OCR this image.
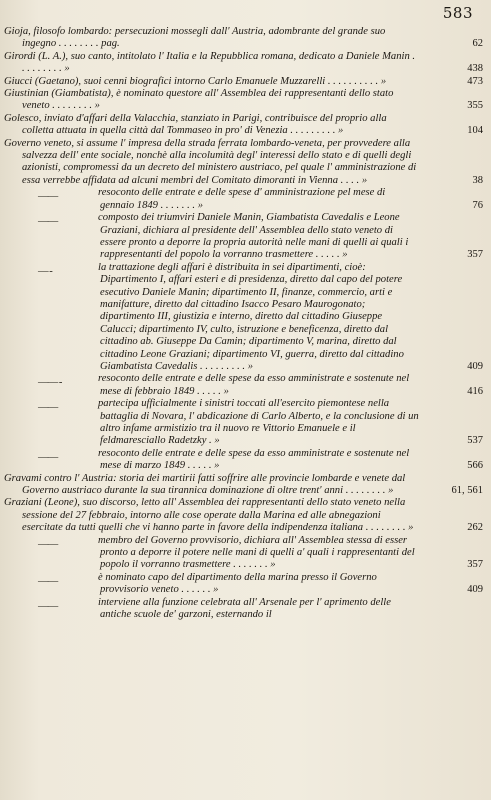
583

Gioja, filosofo lombardo: persecuzioni mossegli dall' Austria, adombrante del grande suo ingegno . . . . . . . . pag.	62

Girordi (L. A.), suo canto, intitolato l' Italia e la Repubblica romana, dedicato a Daniele Manin . . . . . . . . . »	438

Giucci (Gaetano), suoi cenni biografici intorno Carlo Emanuele Muzzarelli . . . . . . . . . . »	473

Giustinian (Giambatista), è nominato questore all' Assemblea dei rappresentanti dello stato veneto . . . . . . . . »	355

Golesco, inviato d'affari della Valacchia, stanziato in Parigi, contribuisce del proprio alla colletta attuata in quella città dal Tommaseo in pro' di Venezia . . . . . . . . . »	104

Governo veneto, si assume l' impresa della strada ferrata lombardo-veneta, per provvedere alla salvezza dell' ente sociale, nonchè alla incolumità degl' interessi dello stato e di quelli degli azionisti, compromessi da un decreto del ministero austriaco, pel quale l' amministrazione di essa verrebbe affidata ad alcuni membri del Comitato dimoranti in Vienna . . . . »	38

——	resoconto delle entrate e delle spese d' amministrazione pel mese di gennaio 1849 . . . . . . . »	76

——	composto dei triumviri Daniele Manin, Giambatista Cavedalis e Leone Graziani, dichiara al presidente dell' Assemblea dello stato veneto di essere pronto a deporre la propria autorità nelle mani di quelli ai quali i rappresentanti del popolo la vorranno trasmettere . . . . . »	357

— -	la trattazione degli affari è distribuita in sei dipartimenti, cioè: Dipartimento I, affari esteri e di presidenza, diretto dal capo del potere esecutivo Daniele Manin; dipartimento II, finanze, commercio, arti e manifatture, diretto dal cittadino Isacco Pesaro Maurogonato; dipartimento III, giustizia e interno, diretto dal cittadino Giuseppe Calucci; dipartimento IV, culto, istruzione e beneficenza, diretto dal cittadino ab. Giuseppe Da Camin; dipartimento V, marina, diretto dal cittadino Leone Graziani; dipartimento VI, guerra, diretto dal cittadino Giambatista Cavedalis . . . . . . . . . »	409

—— -	resoconto delle entrate e delle spese da esso amministrate e sostenute nel mese di febbraio 1849 . . . . . »	416

——	partecipa ufficialmente i sinistri toccati all'esercito piemontese nella battaglia di Novara, l' abdicazione di Carlo Alberto, e la conclusione di un altro infame armistizio tra il nuovo re Vittorio Emanuele e il feldmaresciallo Radetzky . »	537

——	resoconto delle entrate e delle spese da esso amministrate e sostenute nel mese di marzo 1849 . . . . . »	566

Gravami contro l' Austria: storia dei martirii fatti soffrire alle provincie lombarde e venete dal Governo austriaco durante la sua tirannica dominazione di oltre trent' anni . . . . . . . . »	61, 561

Graziani (Leone), suo discorso, letto all' Assemblea dei rappresentanti dello stato veneto nella sessione del 27 febbraio, intorno alle cose operate dalla Marina ed alle abnegazioni esercitate da tutti quelli che vi hanno parte in favore della indipendenza italiana . . . . . . . . »	262

——	membro del Governo provvisorio, dichiara all' Assemblea stessa di esser pronto a deporre il potere nelle mani di quelli a' quali i rappresentanti del popolo il vorranno trasmettere . . . . . . . »	357

——	è nominato capo del dipartimento della marina presso il Governo provvisorio veneto . . . . . . »	409

——	interviene alla funzione celebrata all' Arsenale per l' aprimento delle antiche scuole de' garzoni, esternando il
